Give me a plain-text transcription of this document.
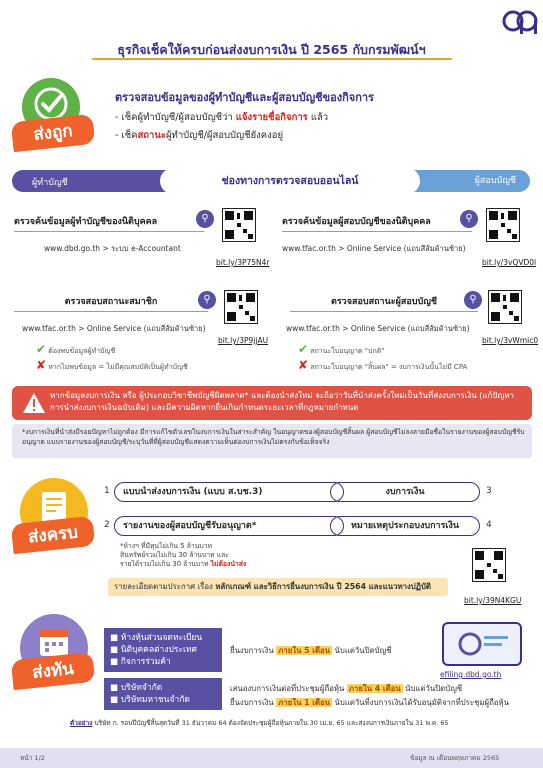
ธุรกิจเช็คให้ครบก่อนส่งงบการเงิน ปี 2565 กับกรมพัฒน์ฯ
ส่งถูก
ตรวจสอบข้อมูลของผู้ทำบัญชีและผู้สอบบัญชีของกิจการ
- เช็คผู้ทำบัญชี/ผู้สอบบัญชีว่า แจ้งรายชื่อกิจการ แล้ว
- เช็คสถานะผู้ทำบัญชี/ผู้สอบบัญชียังคงอยู่
ผู้ทำบัญชี	ผู้สอบบัญชี
ช่องทางการตรวจสอบออนไลน์
ตรวจค้นข้อมูลผู้ทำบัญชีของนิติบุคคล	⚲
www.dbd.go.th > ระบบ e-Accountant
bit.ly/3P75N4r
ตรวจค้นข้อมูลผู้สอบบัญชีของนิติบุคคล	⚲
www.tfac.or.th > Online Service (แถบสีส้มด้านซ้าย)
bit.ly/3vQVD0l
ตรวจสอบสถานะสมาชิก	⚲
www.tfac.or.th > Online Service (แถบสีส้มด้านซ้าย)
bit.ly/3P9jjAU
✔ ต้องพบข้อมูลผู้ทำบัญชี
✘ หากไม่พบข้อมูล = ไม่มีคุณสมบัติเป็นผู้ทำบัญชี
ตรวจสอบสถานะผู้สอบบัญชี	⚲
www.tfac.or.th > Online Service (แถบสีส้มด้านซ้าย)
bit.ly/3vWmic0
✔ สถานะใบอนุญาต "ปกติ"
✘ สถานะใบอนุญาต "สิ้นผล" = งบการเงินนั้นไม่มี CPA
หากข้อมูลงบการเงิน หรือ ผู้ประกอบวิชาชีพบัญชีผิดพลาด* และต้องนำส่งใหม่ จะถือว่าวันที่นำส่งครั้งใหม่เป็นวันที่ส่งงบการเงิน (แก้ปัญหาการนำส่งงบการเงินฉบับเดิม) และมีความผิดหากยื่นเกินกำหนดระยะเวลาที่กฎหมายกำหนด
*งบการเงินที่นำส่งมีรอยปัญหาไม่ถูกต้อง มีการแก้ไขตัวเลขในงบการเงินในสาระสำคัญ ในอนุญาตของผู้สอบบัญชีสิ้นผล ผู้สอบบัญชีไม่ลงลายมือชื่อในรายงานของผู้สอบบัญชีรับอนุญาต แบบรายงานของผู้สอบบัญชี/ระบุวันที่ที่ผู้สอบบัญชีแสดงความเห็นต่องบการเงินไม่ตรงกับข้อเท็จจริง
ส่งครบ
1	แบบนำส่งงบการเงิน (แบบ ส.บช.3)	งบการเงิน	3
2	รายงานของผู้สอบบัญชีรับอนุญาต*	หมายเหตุประกอบงบการเงิน	4
*ห้างฯ ที่มีทุนไม่เกิน 5 ล้านบาท
สินทรัพย์รวมไม่เกิน 30 ล้านบาท และ
รายได้รวมไม่เกิน 30 ล้านบาท ไม่ต้องนำส่ง
รายละเอียดตามประกาศ เรื่อง หลักเกณฑ์ และวิธีการยื่นงบการเงิน ปี 2564 และแนวทางปฏิบัติ
bit.ly/39N4KGU
ส่งทัน
■ ห้างหุ้นส่วนจดทะเบียน
■ นิติบุคคลต่างประเทศ
■ กิจการร่วมค้า
ยื่นงบการเงิน ภายใน 5 เดือน นับแต่วันปิดบัญชี
■ บริษัทจำกัด
■ บริษัทมหาชนจำกัด
เสนองบการเงินต่อที่ประชุมผู้ถือหุ้น ภายใน 4 เดือน นับแต่วันปิดบัญชี
ยื่นงบการเงิน ภายใน 1 เดือน นับแต่วันที่งบการเงินได้รับอนุมัติจากที่ประชุมผู้ถือหุ้น
efiling.dbd.go.th
ตัวอย่าง บริษัท ก. รอบปีบัญชีสิ้นสุดวันที่ 31 ธันวาคม 64 ต้องจัดประชุมผู้ถือหุ้นภายใน 30 เม.ย. 65 และส่งงบการเงินภายใน 31 พ.ค. 65
หน้า 1/2	ข้อมูล ณ เดือนพฤษภาคม 2565
